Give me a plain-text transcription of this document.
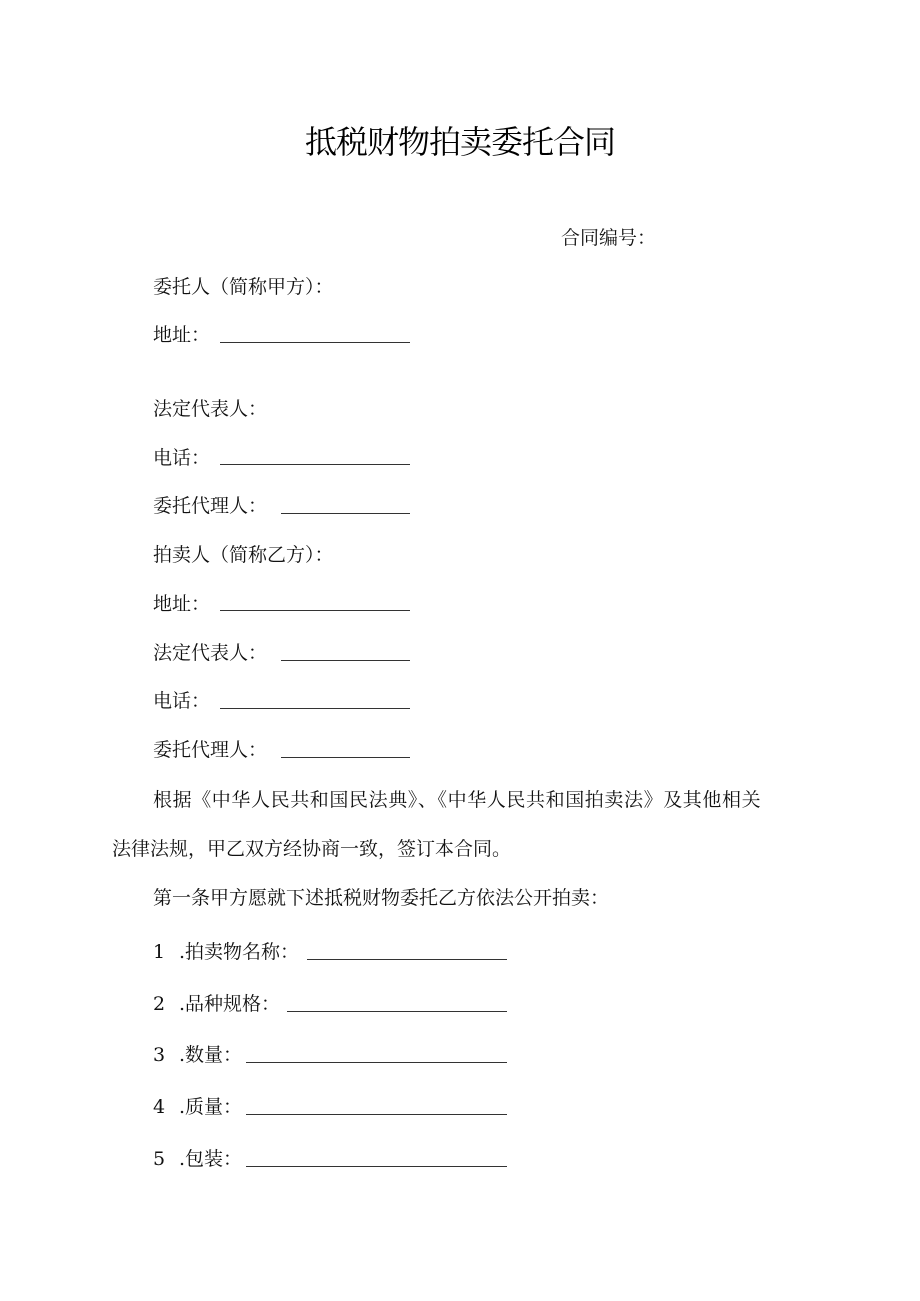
抵税财物拍卖委托合同
合同编号：
委托人（简称甲方）：
地址：
法定代表人：
电话：
委托代理人：
拍卖人（简称乙方）：
地址：
法定代表人：
电话：
委托代理人：
根据《中华人民共和国民法典》、《中华人民共和国拍卖法》及其他相关
法律法规，甲乙双方经协商一致，签订本合同。
第一条甲方愿就下述抵税财物委托乙方依法公开拍卖：
1 .拍卖物名称：
2 .品种规格：
3 .数量：
4 .质量：
5 .包装：
